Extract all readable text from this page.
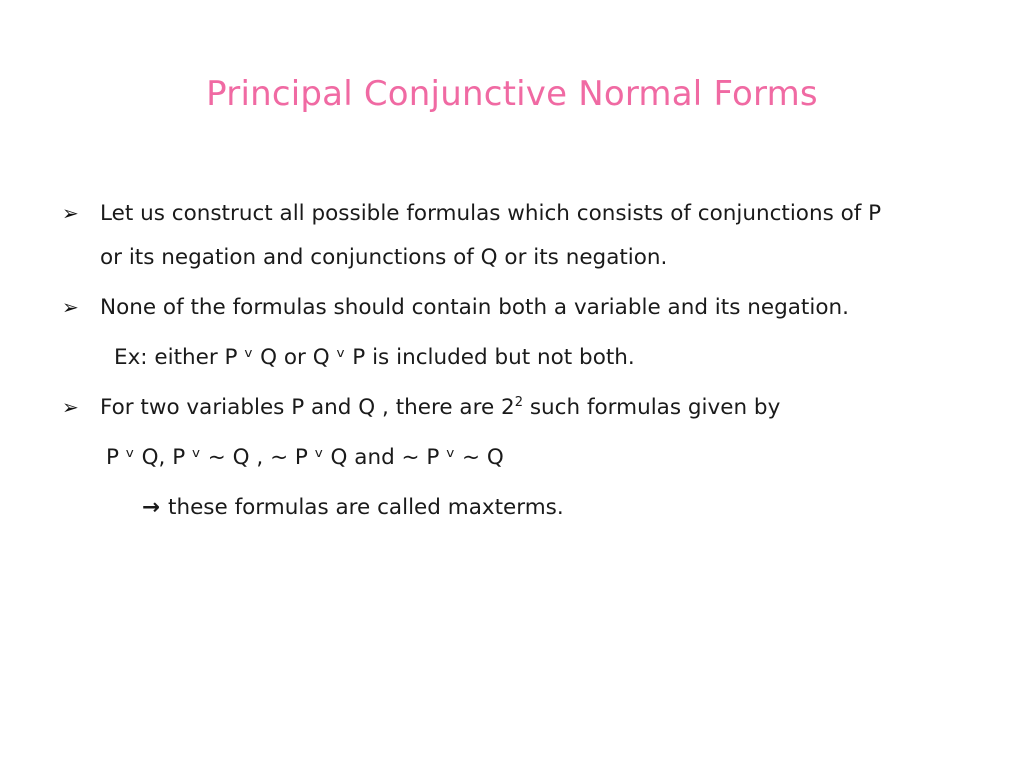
Principal Conjunctive Normal Forms
➢ Let us construct all possible formulas which consists of conjunctions of P
or its negation and conjunctions of Q or its negation.
➢ None of the formulas should contain both a variable and its negation.
Ex: either P ᵛ Q or Q ᵛ P is included but not both.
➢ For two variables P and Q , there are $2^2$ such formulas given by
P ᵛ Q, P ᵛ ~ Q , ~ P ᵛ Q and ~ P ᵛ ~ Q
→ these formulas are called maxterms.
